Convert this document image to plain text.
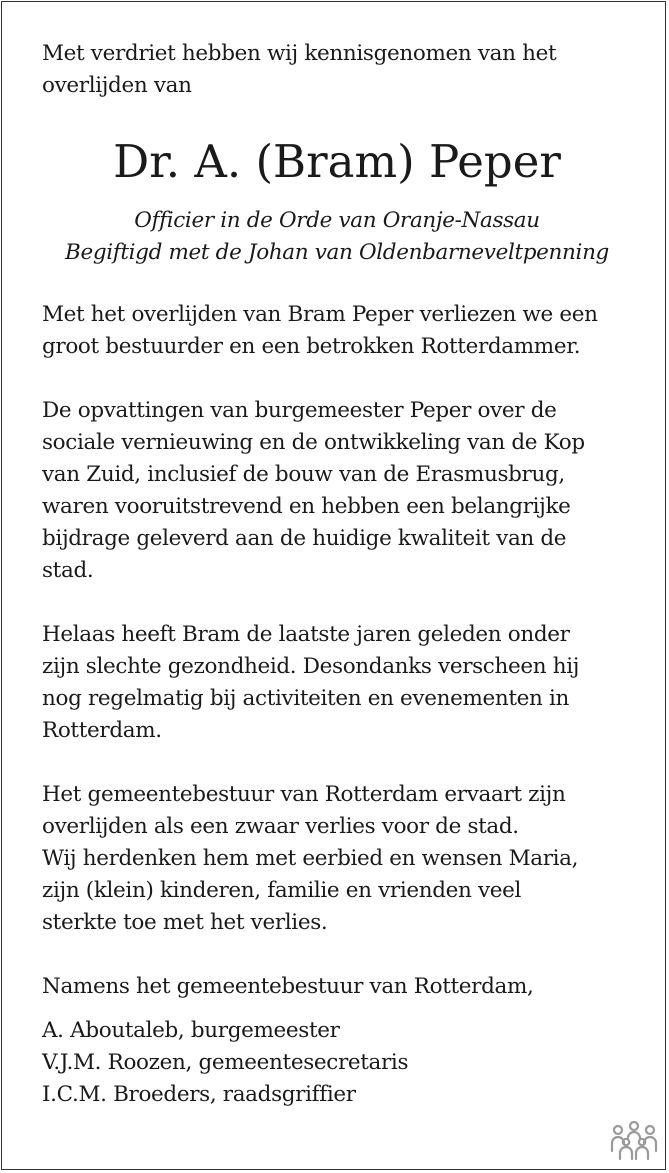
Met verdriet hebben wij kennisgenomen van het
overlijden van

Dr. A. (Bram) Peper

Officier in de Orde van Oranje-Nassau
Begiftigd met de Johan van Oldenbarneveltpenning

Met het overlijden van Bram Peper verliezen we een
groot bestuurder en een betrokken Rotterdammer.

De opvattingen van burgemeester Peper over de
sociale vernieuwing en de ontwikkeling van de Kop
van Zuid, inclusief de bouw van de Erasmusbrug,
waren vooruitstrevend en hebben een belangrijke
bijdrage geleverd aan de huidige kwaliteit van de
stad.

Helaas heeft Bram de laatste jaren geleden onder
zijn slechte gezondheid. Desondanks verscheen hij
nog regelmatig bij activiteiten en evenementen in
Rotterdam.

Het gemeentebestuur van Rotterdam ervaart zijn
overlijden als een zwaar verlies voor de stad.
Wij herdenken hem met eerbied en wensen Maria,
zijn (klein) kinderen, familie en vrienden veel
sterkte toe met het verlies.

Namens het gemeentebestuur van Rotterdam,

A. Aboutaleb, burgemeester
V.J.M. Roozen, gemeentesecretaris
I.C.M. Broeders, raadsgriffier
